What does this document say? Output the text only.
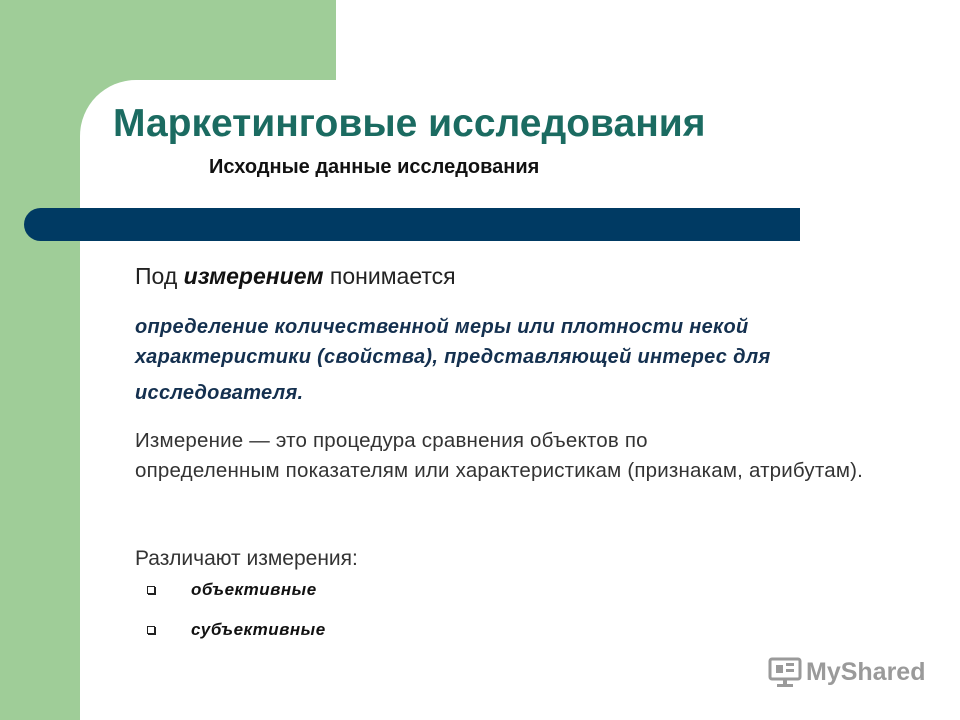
Маркетинговые исследования
Исходные данные исследования
Под измерением понимается
определение количественной меры или плотности некой характеристики (свойства), представляющей интерес для
исследователя.
Измерение — это процедура сравнения объектов по
определенным показателям или характеристикам (признакам, атрибутам).
Различают измерения:
объективные
субъективные
MyShared
